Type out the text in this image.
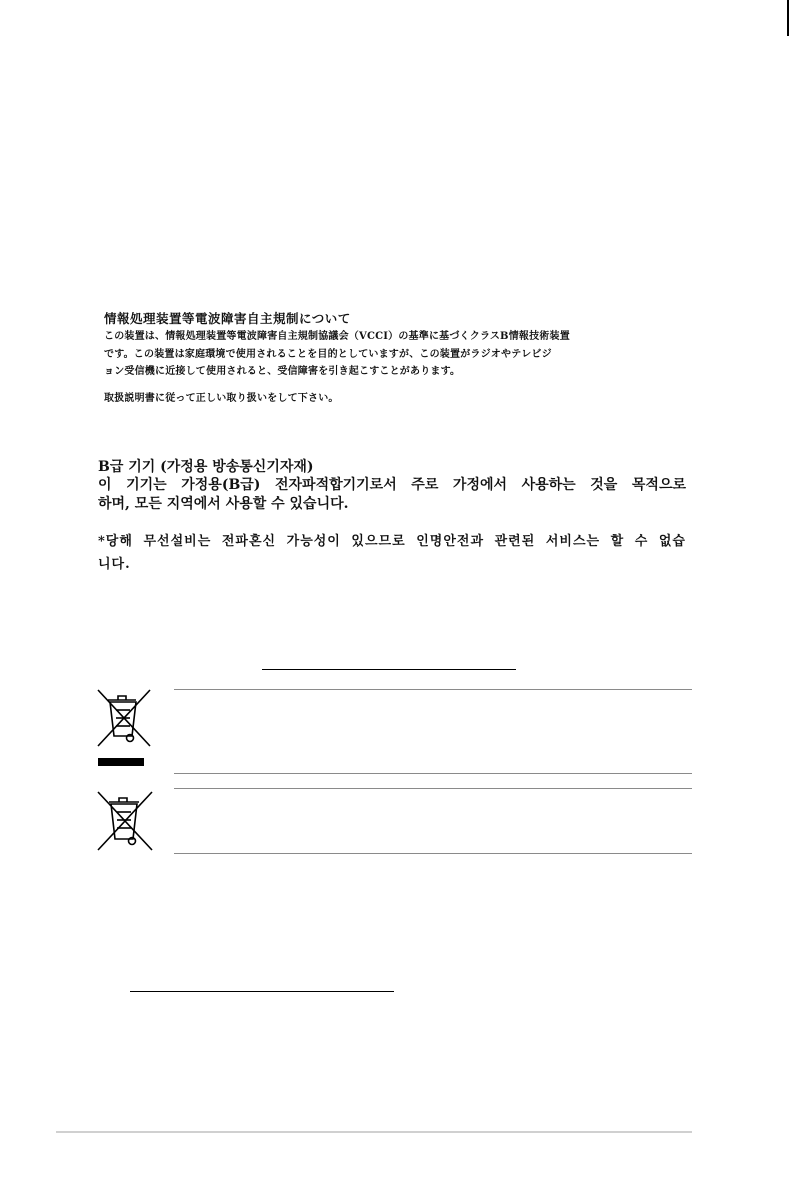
情報処理装置等電波障害自主規制について
この装置は、情報処理装置等電波障害自主規制協議会（VCCI）の基準に基づくクラスB情報技術装置
です。この装置は家庭環境で使用されることを目的としていますが、この装置がラジオやテレビジ
ョン受信機に近接して使用されると、受信障害を引き起こすことがあります。
取扱説明書に従って正しい取り扱いをして下さい。
B급 기기 (가정용 방송통신기자재)
이 기기는 가정용(B급) 전자파적합기기로서 주로 가정에서 사용하는 것을 목적으로
하며, 모든 지역에서 사용할 수 있습니다.
*당해 무선설비는 전파혼신 가능성이 있으므로 인명안전과 관련된 서비스는 할 수 없습
니다.
